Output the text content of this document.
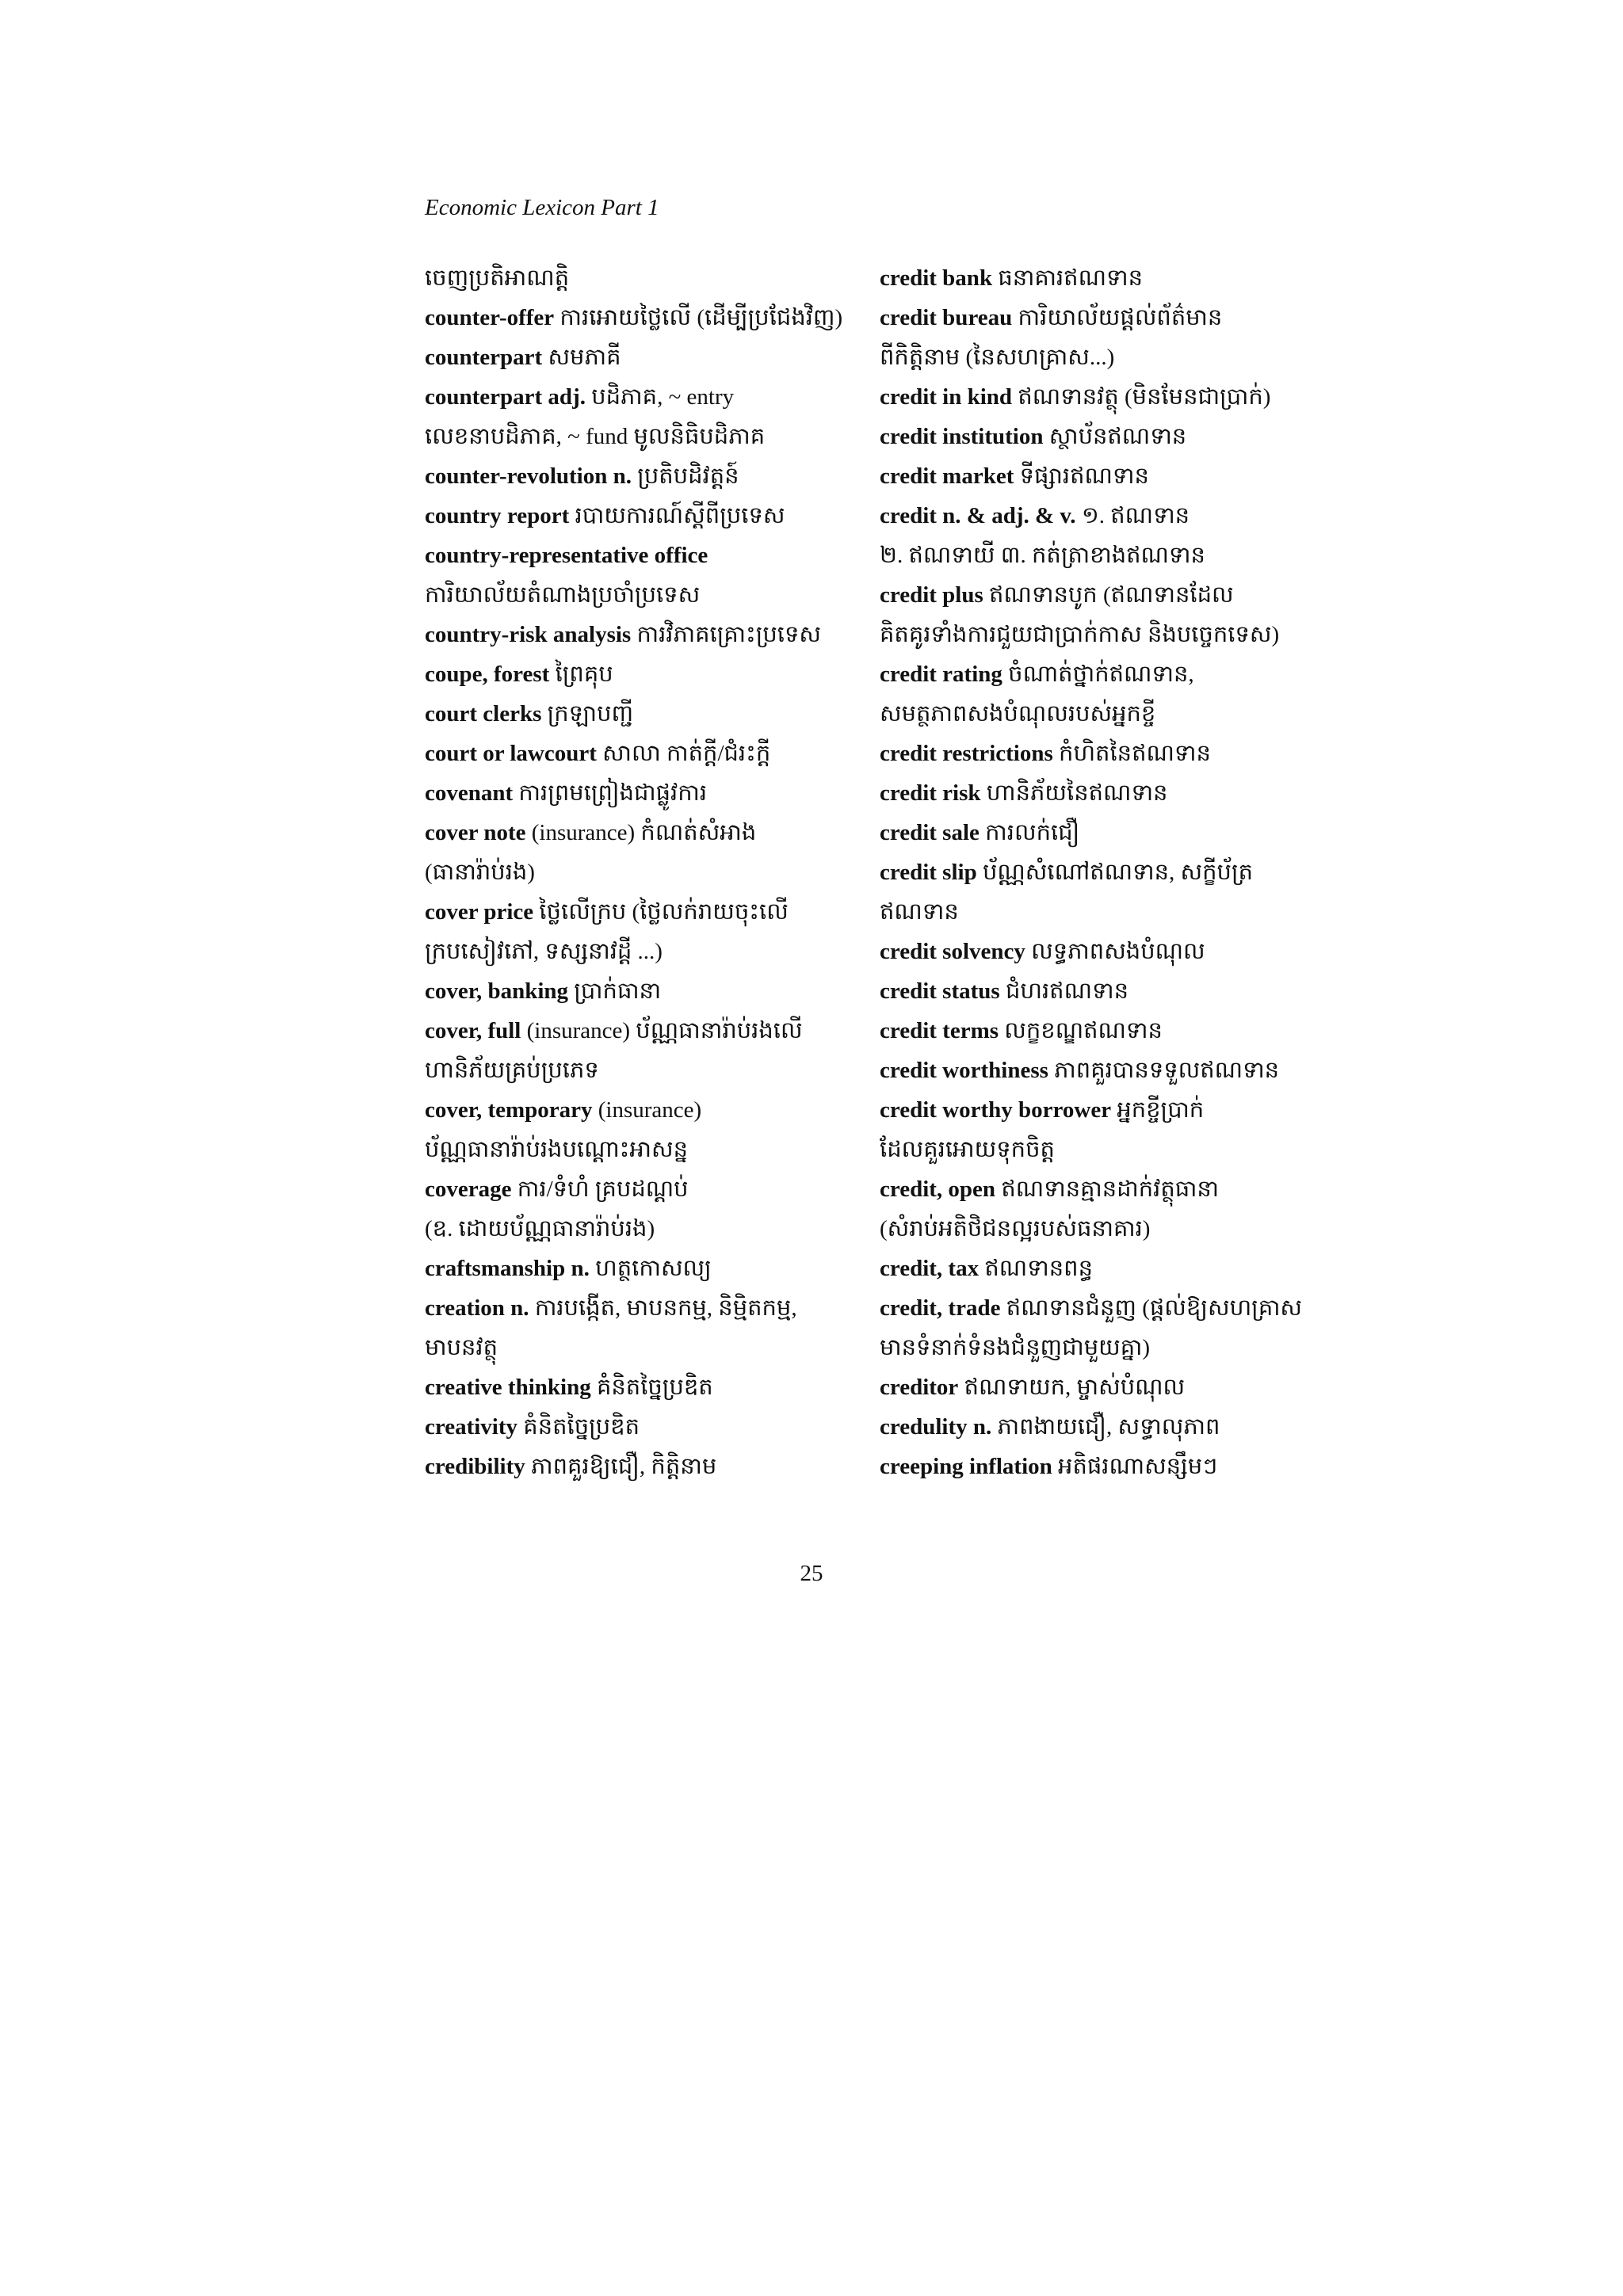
Economic Lexicon Part 1
ចេញប្រតិអាណត្តិ
counter-offer ការអោយថ្លៃលើ (ដើម្បីប្រជែងវិញ)
counterpart សមភាគី
counterpart adj. បដិភាគ, ~ entry
លេខនាបដិភាគ, ~ fund មូលនិធិបដិភាគ
counter-revolution n. ប្រតិបដិវត្តន៍
country report របាយការណ៍ស្ដីពីប្រទេស
country-representative office
ការិយាល័យតំណាងប្រចាំប្រទេស
country-risk analysis ការវិភាគគ្រោះប្រទេស
coupe, forest ព្រៃគុប
court clerks ក្រឡាបញ្ជី
court or lawcourt សាលា កាត់ក្ដី/ជំរះក្ដី
covenant ការព្រមព្រៀងជាផ្លូវការ
cover note (insurance) កំណត់សំអាង
(ធានារ៉ាប់រង)
cover price ថ្លៃលើក្រប (ថ្លៃលក់រាយចុះលើ
ក្របសៀវភៅ, ទស្សនាវដ្ដី ...)
cover, banking ប្រាក់ធានា
cover, full (insurance) ប័ណ្ណធានារ៉ាប់រងលើ
ហានិភ័យគ្រប់ប្រភេទ
cover, temporary (insurance)
ប័ណ្ណធានារ៉ាប់រងបណ្ដោះអាសន្ន
coverage ការ/ទំហំ គ្របដណ្ដប់
(ឧ. ដោយប័ណ្ណធានារ៉ាប់រង)
craftsmanship n. ហត្ថកោសល្យ
creation n. ការបង្កើត, មាបនកម្ម, និម្មិតកម្ម,
មាបនវត្ថុ
creative thinking គំនិតច្នៃប្រឌិត
creativity គំនិតច្នៃប្រឌិត
credibility ភាពគួរឱ្យជឿ, កិត្តិនាម
credit bank ធនាគារឥណទាន
credit bureau ការិយាល័យផ្ដល់ព័ត៌មាន
ពីកិត្តិនាម (នៃសហគ្រាស...)
credit in kind ឥណទានវត្ថុ (មិនមែនជាប្រាក់)
credit institution ស្ថាប័នឥណទាន
credit market ទីផ្សារឥណទាន
credit n. & adj. & v. ១. ឥណទាន
២. ឥណទាយី ៣. កត់ត្រាខាងឥណទាន
credit plus ឥណទានបូក (ឥណទានដែល
គិតគូរទាំងការជួយជាប្រាក់កាស និងបច្ចេកទេស)
credit rating ចំណាត់ថ្នាក់ឥណទាន,
សមត្ថភាពសងបំណុលរបស់អ្នកខ្ចី
credit restrictions កំហិតនៃឥណទាន
credit risk ហានិភ័យនៃឥណទាន
credit sale ការលក់ជឿ
credit slip ប័ណ្ណសំណៅឥណទាន, សក្ខីប័ត្រ
ឥណទាន
credit solvency លទ្ធភាពសងបំណុល
credit status ជំហរឥណទាន
credit terms លក្ខខណ្ឌឥណទាន
credit worthiness ភាពគួរបានទទួលឥណទាន
credit worthy borrower អ្នកខ្ចីប្រាក់
ដែលគួរអោយទុកចិត្ត
credit, open ឥណទានគ្មានដាក់វត្ថុធានា
(សំរាប់អតិថិជនល្អរបស់ធនាគារ)
credit, tax ឥណទានពន្ធ
credit, trade ឥណទានជំនួញ (ផ្ដល់ឱ្យសហគ្រាស
មានទំនាក់ទំនងជំនួញជាមួយគ្នា)
creditor ឥណទាយក, ម្ចាស់បំណុល
credulity n. ភាពងាយជឿ, សទ្ធាលុភាព
creeping inflation អតិផរណាសន្សឹមៗ
25
